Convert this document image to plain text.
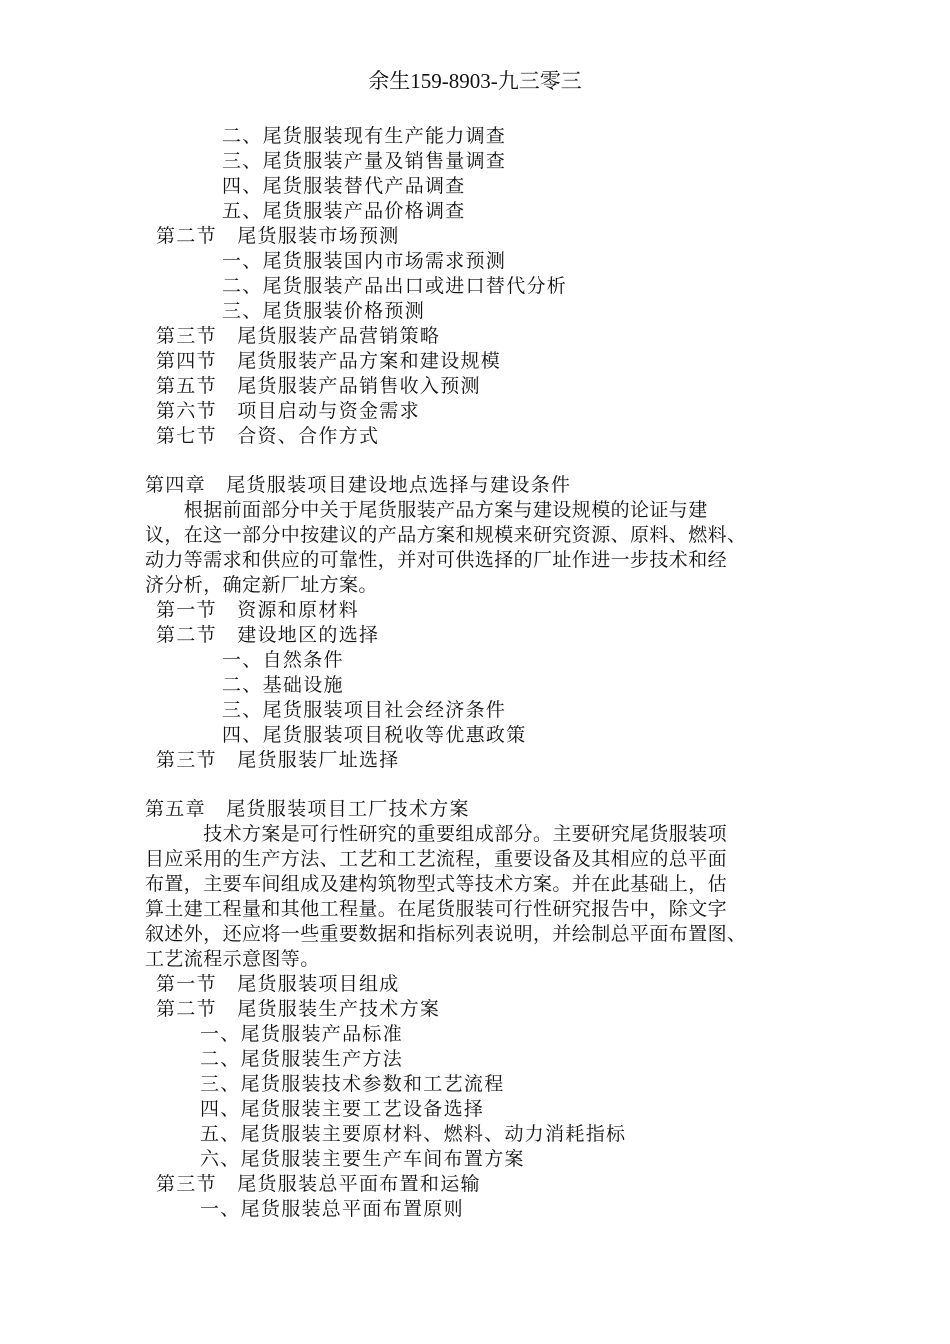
余生159-8903-九三零三
二、尾货服装现有生产能力调查
三、尾货服装产量及销售量调查
四、尾货服装替代产品调查
五、尾货服装产品价格调查
第二节　尾货服装市场预测
一、尾货服装国内市场需求预测
二、尾货服装产品出口或进口替代分析
三、尾货服装价格预测
第三节　尾货服装产品营销策略
第四节　尾货服装产品方案和建设规模
第五节　尾货服装产品销售收入预测
第六节　项目启动与资金需求
第七节　合资、合作方式
第四章　尾货服装项目建设地点选择与建设条件
　　根据前面部分中关于尾货服装产品方案与建设规模的论证与建
议，在这一部分中按建议的产品方案和规模来研究资源、原料、燃料、
动力等需求和供应的可靠性，并对可供选择的厂址作进一步技术和经
济分析，确定新厂址方案。
第一节　资源和原材料
第二节　建设地区的选择
一、自然条件
二、基础设施
三、尾货服装项目社会经济条件
四、尾货服装项目税收等优惠政策
第三节　尾货服装厂址选择
第五章　尾货服装项目工厂技术方案
　　　技术方案是可行性研究的重要组成部分。主要研究尾货服装项
目应采用的生产方法、工艺和工艺流程，重要设备及其相应的总平面
布置，主要车间组成及建构筑物型式等技术方案。并在此基础上，估
算土建工程量和其他工程量。在尾货服装可行性研究报告中，除文字
叙述外，还应将一些重要数据和指标列表说明，并绘制总平面布置图、
工艺流程示意图等。
第一节　尾货服装项目组成
第二节　尾货服装生产技术方案
一、尾货服装产品标准
二、尾货服装生产方法
三、尾货服装技术参数和工艺流程
四、尾货服装主要工艺设备选择
五、尾货服装主要原材料、燃料、动力消耗指标
六、尾货服装主要生产车间布置方案
第三节　尾货服装总平面布置和运输
一、尾货服装总平面布置原则
